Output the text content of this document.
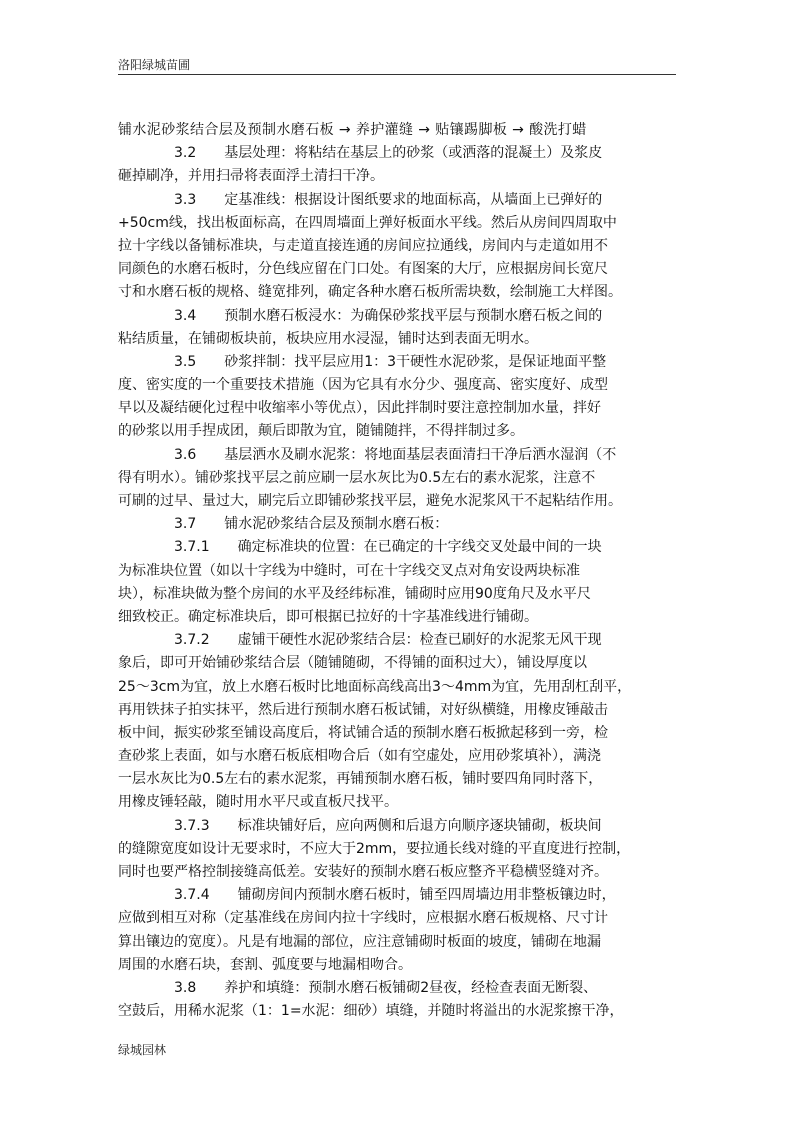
洛阳绿城苗圃
铺水泥砂浆结合层及预制水磨石板 → 养护灌缝 → 贴镶踢脚板 → 酸洗打蜡
　　　　3.2　　基层处理：将粘结在基层上的砂浆（或洒落的混凝土）及浆皮
砸掉刷净，并用扫帚将表面浮土清扫干净。
　　　　3.3　　定基准线：根据设计图纸要求的地面标高，从墙面上已弹好的
+50cm线，找出板面标高，在四周墙面上弹好板面水平线。然后从房间四周取中
拉十字线以备铺标准块，与走道直接连通的房间应拉通线，房间内与走道如用不
同颜色的水磨石板时，分色线应留在门口处。有图案的大厅，应根据房间长宽尺
寸和水磨石板的规格、缝宽排列，确定各种水磨石板所需块数，绘制施工大样图。
　　　　3.4　　预制水磨石板浸水：为确保砂浆找平层与预制水磨石板之间的
粘结质量，在铺砌板块前，板块应用水浸湿，铺时达到表面无明水。
　　　　3.5　　砂浆拌制：找平层应用1：3干硬性水泥砂浆，是保证地面平整
度、密实度的一个重要技术措施（因为它具有水分少、强度高、密实度好、成型
早以及凝结硬化过程中收缩率小等优点），因此拌制时要注意控制加水量，拌好
的砂浆以用手捏成团，颠后即散为宜，随铺随拌，不得拌制过多。
　　　　3.6　　基层洒水及刷水泥浆：将地面基层表面清扫干净后洒水湿润（不
得有明水）。铺砂浆找平层之前应刷一层水灰比为0.5左右的素水泥浆，注意不
可刷的过早、量过大，刷完后立即铺砂浆找平层，避免水泥浆风干不起粘结作用。
　　　　3.7　　铺水泥砂浆结合层及预制水磨石板：
　　　　3.7.1　　确定标准块的位置：在已确定的十字线交叉处最中间的一块
为标准块位置（如以十字线为中缝时，可在十字线交叉点对角安设两块标准
块），标准块做为整个房间的水平及经纬标准，铺砌时应用90度角尺及水平尺
细致校正。确定标准块后，即可根据已拉好的十字基准线进行铺砌。
　　　　3.7.2　　虚铺干硬性水泥砂浆结合层：检查已刷好的水泥浆无风干现
象后，即可开始铺砂浆结合层（随铺随砌，不得铺的面积过大），铺设厚度以
25～3cm为宜，放上水磨石板时比地面标高线高出3～4mm为宜，先用刮杠刮平，
再用铁抹子拍实抹平，然后进行预制水磨石板试铺，对好纵横缝，用橡皮锤敲击
板中间，振实砂浆至铺设高度后，将试铺合适的预制水磨石板掀起移到一旁，检
查砂浆上表面，如与水磨石板底相吻合后（如有空虚处，应用砂浆填补），满浇
一层水灰比为0.5左右的素水泥浆，再铺预制水磨石板，铺时要四角同时落下，
用橡皮锤轻敲，随时用水平尺或直板尺找平。
　　　　3.7.3　　标准块铺好后，应向两侧和后退方向顺序逐块铺砌，板块间
的缝隙宽度如设计无要求时，不应大于2mm，要拉通长线对缝的平直度进行控制，
同时也要严格控制接缝高低差。安装好的预制水磨石板应整齐平稳横竖缝对齐。
　　　　3.7.4　　铺砌房间内预制水磨石板时，铺至四周墙边用非整板镶边时，
应做到相互对称（定基准线在房间内拉十字线时，应根据水磨石板规格、尺寸计
算出镶边的宽度）。凡是有地漏的部位，应注意铺砌时板面的坡度，铺砌在地漏
周围的水磨石块，套割、弧度要与地漏相吻合。
　　　　3.8　　养护和填缝：预制水磨石板铺砌2昼夜，经检查表面无断裂、
空鼓后，用稀水泥浆（1：1=水泥：细砂）填缝，并随时将溢出的水泥浆擦干净，
绿城园林
